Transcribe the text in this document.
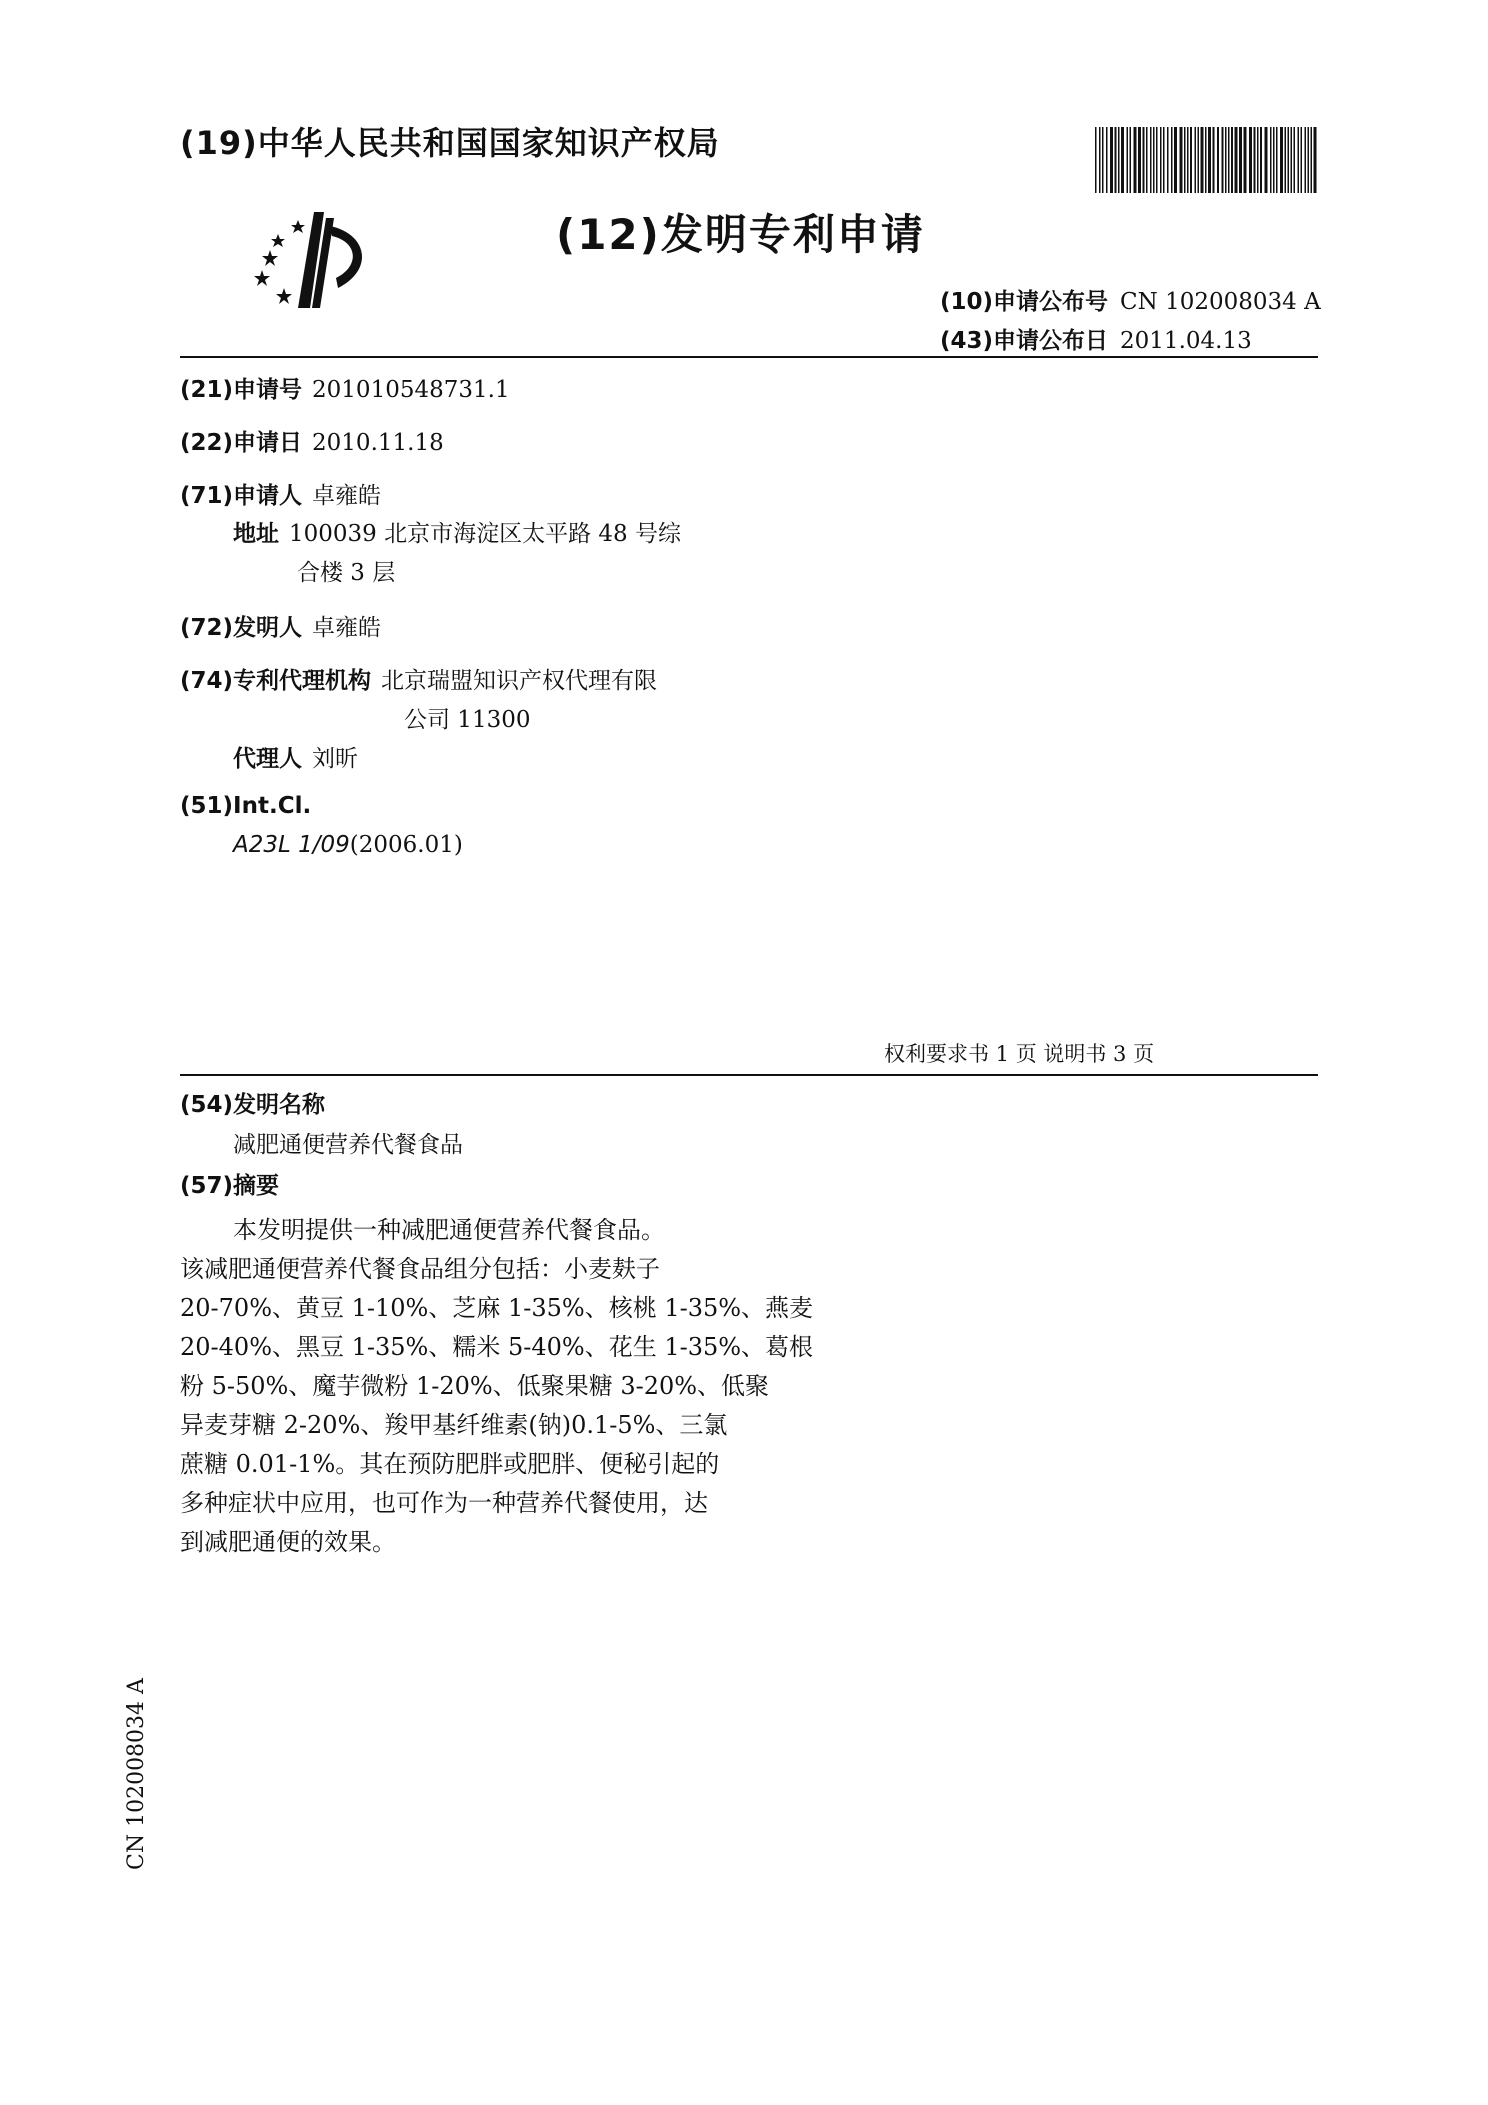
(19)中华人民共和国国家知识产权局
(12)发明专利申请
(10)申请公布号 CN 102008034 A
(43)申请公布日 2011.04.13
(21)申请号 201010548731.1
(22)申请日 2010.11.18
(71)申请人 卓雍皓
地址 100039 北京市海淀区太平路 48 号综
合楼 3 层
(72)发明人 卓雍皓
(74)专利代理机构 北京瑞盟知识产权代理有限
公司 11300
代理人 刘昕
(51)Int.Cl.
A23L 1/09(2006.01)
权利要求书 1 页 说明书 3 页
(54)发明名称
减肥通便营养代餐食品
(57)摘要
本发明提供一种减肥通便营养代餐食品。
该减肥通便营养代餐食品组分包括：小麦麸子
20-70%、黄豆 1-10%、芝麻 1-35%、核桃 1-35%、燕麦
20-40%、黑豆 1-35%、糯米 5-40%、花生 1-35%、葛根
粉 5-50%、魔芋微粉 1-20%、低聚果糖 3-20%、低聚
异麦芽糖 2-20%、羧甲基纤维素(钠)0.1-5%、三氯
蔗糖 0.01-1%。其在预防肥胖或肥胖、便秘引起的
多种症状中应用，也可作为一种营养代餐使用，达
到减肥通便的效果。
CN 102008034 A
